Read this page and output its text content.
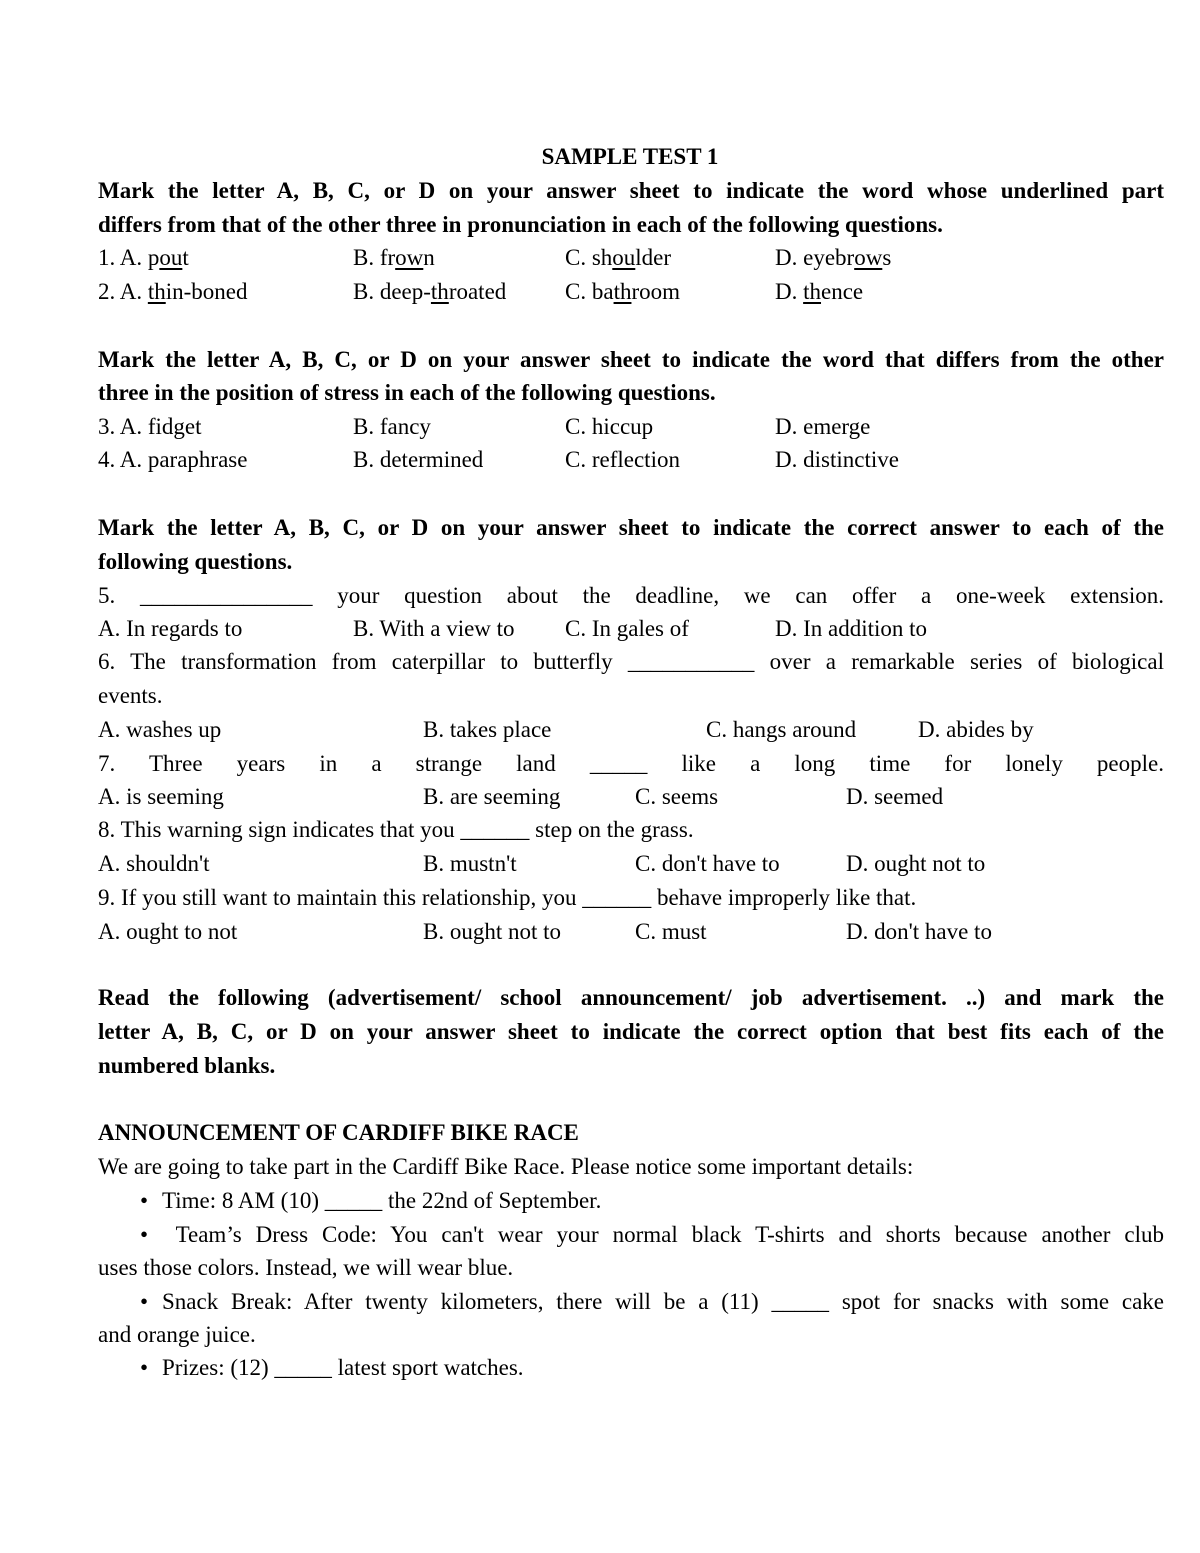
SAMPLE TEST 1
Mark the letter A, B, C, or D on your answer sheet to indicate the word whose underlined part
differs from that of the other three in pronunciation in each of the following questions.
1. A. pout	B. frown	C. shoulder	D. eyebrows
2. A. thin-boned	B. deep-throated	C. bathroom	D. thence
Mark the letter A, B, C, or D on your answer sheet to indicate the word that differs from the other
three in the position of stress in each of the following questions.
3. A. fidget	B. fancy	C. hiccup	D. emerge
4. A. paraphrase	B. determined	C. reflection	D. distinctive
Mark the letter A, B, C, or D on your answer sheet to indicate the correct answer to each of the
following questions.
5. _______________ your question about the deadline, we can offer a one-week extension.
A. In regards to	B. With a view to C. In gales of	D. In addition to
6. The transformation from caterpillar to butterfly ___________ over a remarkable series of biological
events.
A. washes up	B. takes place	C. hangs around	D. abides by
7. Three years in a strange land _____ like a long time for lonely people.
A. is seeming	B. are seeming	C. seems	D. seemed
8. This warning sign indicates that you ______ step on the grass.
A. shouldn't	B. mustn't	C. don't have to	D. ought not to
9. If you still want to maintain this relationship, you ______ behave improperly like that.
A. ought to not	B. ought not to	C. must	D. don't have to
Read the following (advertisement/ school announcement/ job advertisement. ..) and mark the
letter A, B, C, or D on your answer sheet to indicate the correct option that best fits each of the
numbered blanks.
ANNOUNCEMENT OF CARDIFF BIKE RACE
We are going to take part in the Cardiff Bike Race. Please notice some important details:
• Time: 8 AM (10) _____ the 22nd of September.
• Team’s Dress Code: You can't wear your normal black T-shirts and shorts because another club
uses those colors. Instead, we will wear blue.
• Snack Break: After twenty kilometers, there will be a (11) _____ spot for snacks with some cake
and orange juice.
• Prizes: (12) _____ latest sport watches.
